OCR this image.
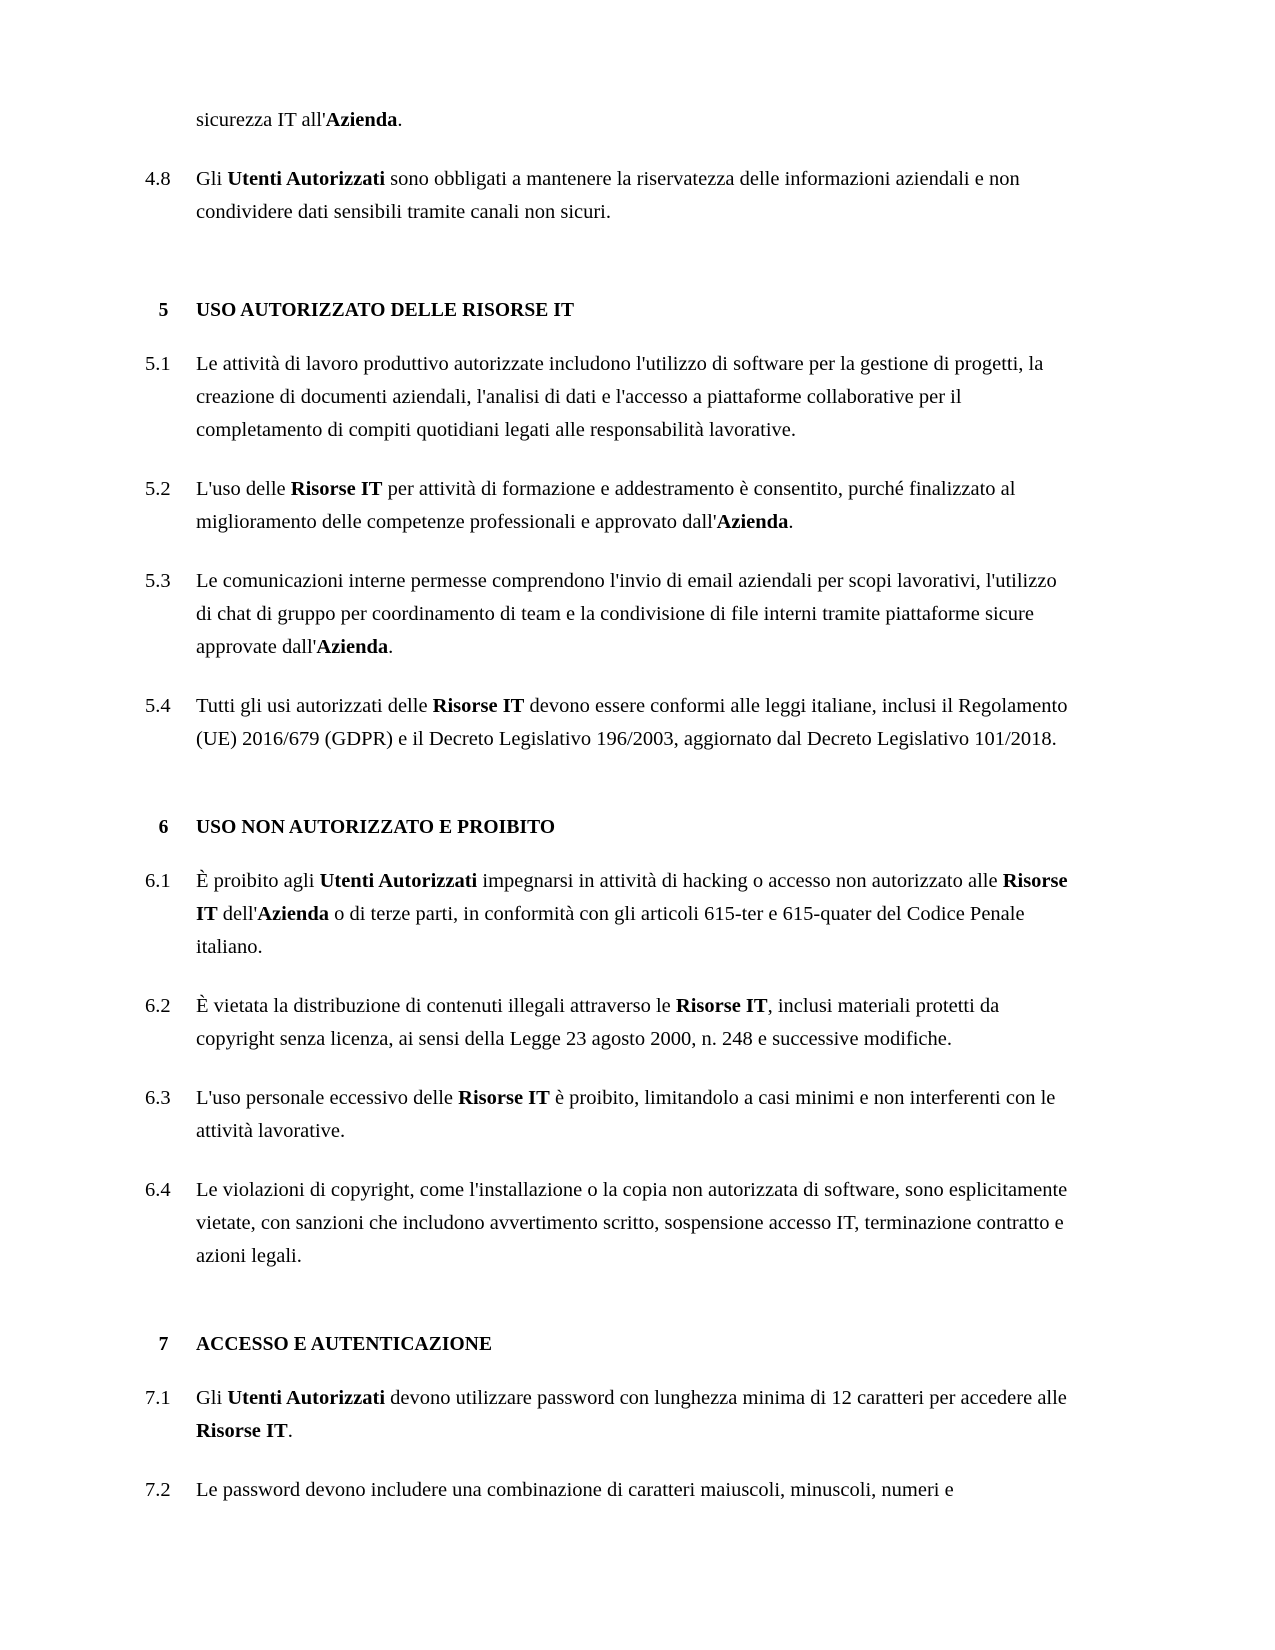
sicurezza IT all'Azienda.

4.8	Gli Utenti Autorizzati sono obbligati a mantenere la riservatezza delle informazioni aziendali e non condividere dati sensibili tramite canali non sicuri.
5	USO AUTORIZZATO DELLE RISORSE IT
5.1	Le attività di lavoro produttivo autorizzate includono l'utilizzo di software per la gestione di progetti, la creazione di documenti aziendali, l'analisi di dati e l'accesso a piattaforme collaborative per il completamento di compiti quotidiani legati alle responsabilità lavorative.
5.2	L'uso delle Risorse IT per attività di formazione e addestramento è consentito, purché finalizzato al miglioramento delle competenze professionali e approvato dall'Azienda.
5.3	Le comunicazioni interne permesse comprendono l'invio di email aziendali per scopi lavorativi, l'utilizzo di chat di gruppo per coordinamento di team e la condivisione di file interni tramite piattaforme sicure approvate dall'Azienda.
5.4	Tutti gli usi autorizzati delle Risorse IT devono essere conformi alle leggi italiane, inclusi il Regolamento (UE) 2016/679 (GDPR) e il Decreto Legislativo 196/2003, aggiornato dal Decreto Legislativo 101/2018.
6	USO NON AUTORIZZATO E PROIBITO
6.1	È proibito agli Utenti Autorizzati impegnarsi in attività di hacking o accesso non autorizzato alle Risorse IT dell'Azienda o di terze parti, in conformità con gli articoli 615-ter e 615-quater del Codice Penale italiano.
6.2	È vietata la distribuzione di contenuti illegali attraverso le Risorse IT, inclusi materiali protetti da copyright senza licenza, ai sensi della Legge 23 agosto 2000, n. 248 e successive modifiche.
6.3	L'uso personale eccessivo delle Risorse IT è proibito, limitandolo a casi minimi e non interferenti con le attività lavorative.
6.4	Le violazioni di copyright, come l'installazione o la copia non autorizzata di software, sono esplicitamente vietate, con sanzioni che includono avvertimento scritto, sospensione accesso IT, terminazione contratto e azioni legali.
7	ACCESSO E AUTENTICAZIONE
7.1	Gli Utenti Autorizzati devono utilizzare password con lunghezza minima di 12 caratteri per accedere alle Risorse IT.
7.2	Le password devono includere una combinazione di caratteri maiuscoli, minuscoli, numeri e
